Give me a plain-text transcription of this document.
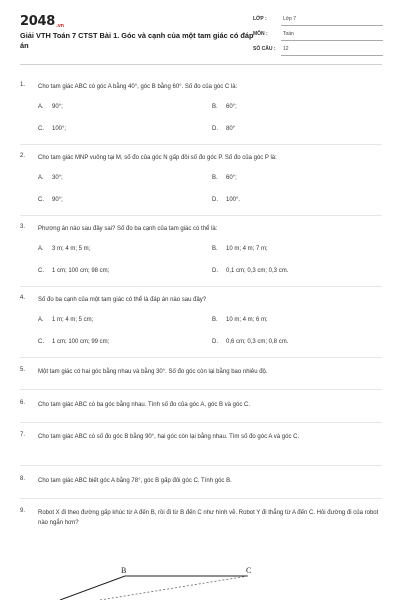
2048.vn
Giải VTH Toán 7 CTST Bài 1. Góc và cạnh của một tam giác có đáp án
LỚP :	Lớp 7
MÔN :	Toán
SỐ CÂU : 12
1. Cho tam giác ABC có góc A bằng 40°, góc B bằng 60°. Số đo của góc C là:
A. 90°;	B. 60°;
C. 100°;	D. 80°
2. Cho tam giác MNP vuông tại M, số đo của góc N gấp đôi số đo góc P. Số đo của góc P là:
A. 30°;	B. 60°;
C. 90°;	D. 100°.
3. Phương án nào sau đây sai? Số đo ba cạnh của tam giác có thể là:
A. 3 m; 4 m; 5 m;	B. 10 m; 4 m; 7 m;
C. 1 cm; 100 cm; 98 cm;	D. 0,1 cm; 0,3 cm; 0,3 cm.
4. Số đo ba cạnh của một tam giác có thể là đáp án nào sau đây?
A. 1 m; 4 m; 5 cm;	B. 10 m; 4 m; 6 m;
C. 1 cm; 100 cm; 99 cm;	D. 0,6 cm; 0,3 cm; 0,8 cm.
5. Một tam giác có hai góc bằng nhau và bằng 30°. Số đo góc còn lại bằng bao nhiêu độ.
6. Cho tam giác ABC có ba góc bằng nhau. Tính số đo của góc A, góc B và góc C.
7. Cho tam giác ABC có số đo góc B bằng 90°, hai góc còn lại bằng nhau. Tìm số đo góc A và góc C.
8. Cho tam giác ABC biết góc A bằng 78°, góc B gấp đôi góc C. Tính góc B.
9. Robot X đi theo đường gấp khúc từ A đến B, rồi đi từ B đến C như hình vẽ. Robot Y đi thẳng từ A đến C. Hỏi đường đi của robot nào ngắn hơn?
B	C
